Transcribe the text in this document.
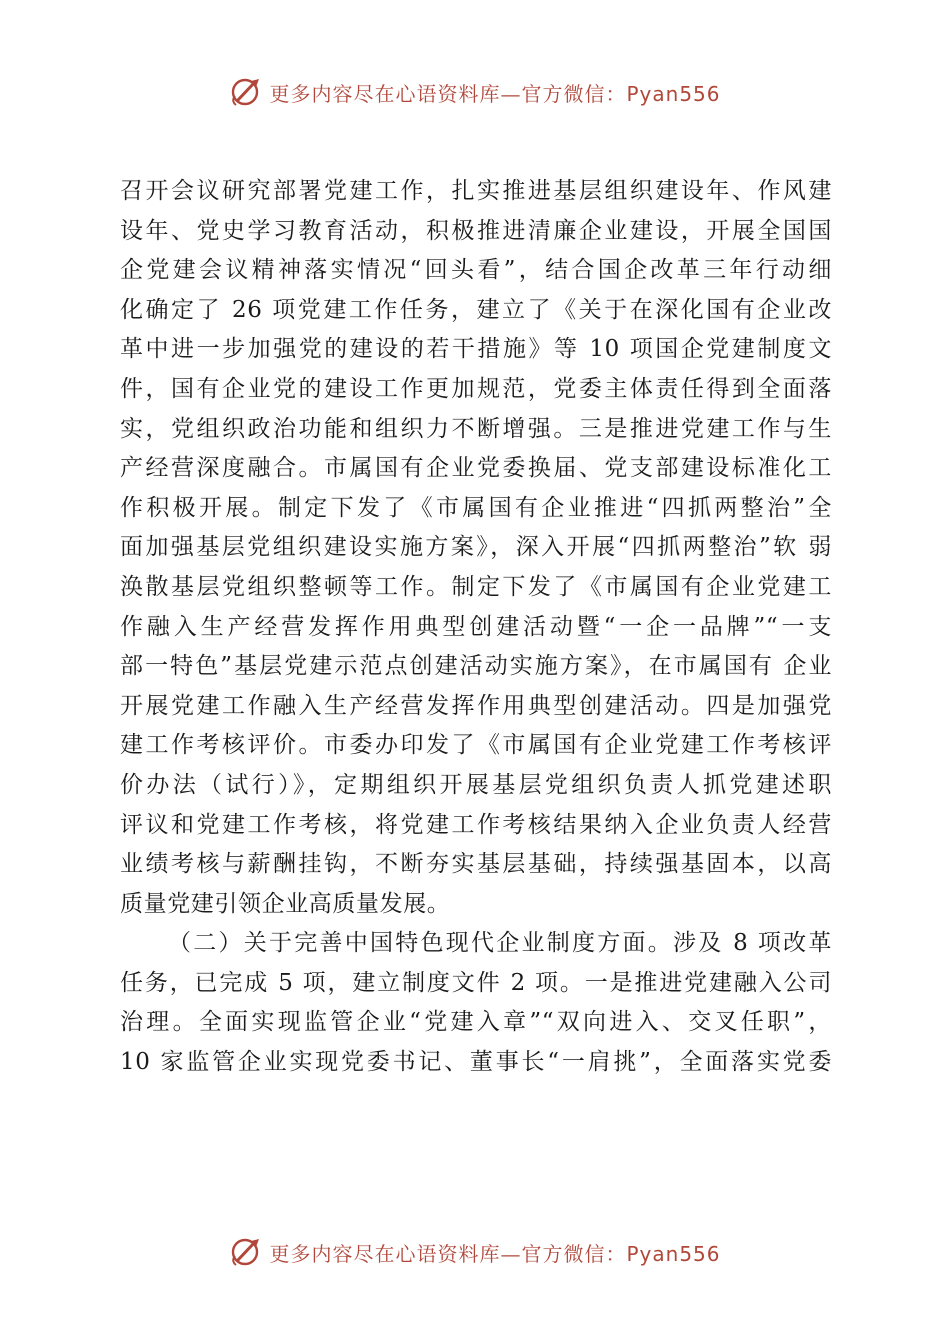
更多内容尽在心语资料库—官方微信：Pyan556
召开会议研究部署党建工作，扎实推进基层组织建设年、作风建
设年、党史学习教育活动，积极推进清廉企业建设，开展全国国
企党建会议精神落实情况“回头看”，结合国企改革三年行动细
化确定了 26 项党建工作任务，建立了《关于在深化国有企业改
革中进一步加强党的建设的若干措施》等 10 项国企党建制度文
件，国有企业党的建设工作更加规范，党委主体责任得到全面落
实，党组织政治功能和组织力不断增强。三是推进党建工作与生
产经营深度融合。市属国有企业党委换届、党支部建设标准化工
作积极开展。制定下发了《市属国有企业推进“四抓两整治”全
面加强基层党组织建设实施方案》，深入开展“四抓两整治”软 弱
涣散基层党组织整顿等工作。制定下发了《市属国有企业党建工
作融入生产经营发挥作用典型创建活动暨“一企一品牌”“一支
部一特色”基层党建示范点创建活动实施方案》，在市属国有 企业
开展党建工作融入生产经营发挥作用典型创建活动。四是加强党
建工作考核评价。市委办印发了《市属国有企业党建工作考核评
价办法（试行）》，定期组织开展基层党组织负责人抓党建述职
评议和党建工作考核，将党建工作考核结果纳入企业负责人经营
业绩考核与薪酬挂钩，不断夯实基层基础，持续强基固本，以高
质量党建引领企业高质量发展。
（二）关于完善中国特色现代企业制度方面。涉及 8 项改革
任务，已完成 5 项，建立制度文件 2 项。一是推进党建融入公司
治理。全面实现监管企业“党建入章”“双向进入、交叉任职”，
10 家监管企业实现党委书记、董事长“一肩挑”，全面落实党委
更多内容尽在心语资料库—官方微信：Pyan556
